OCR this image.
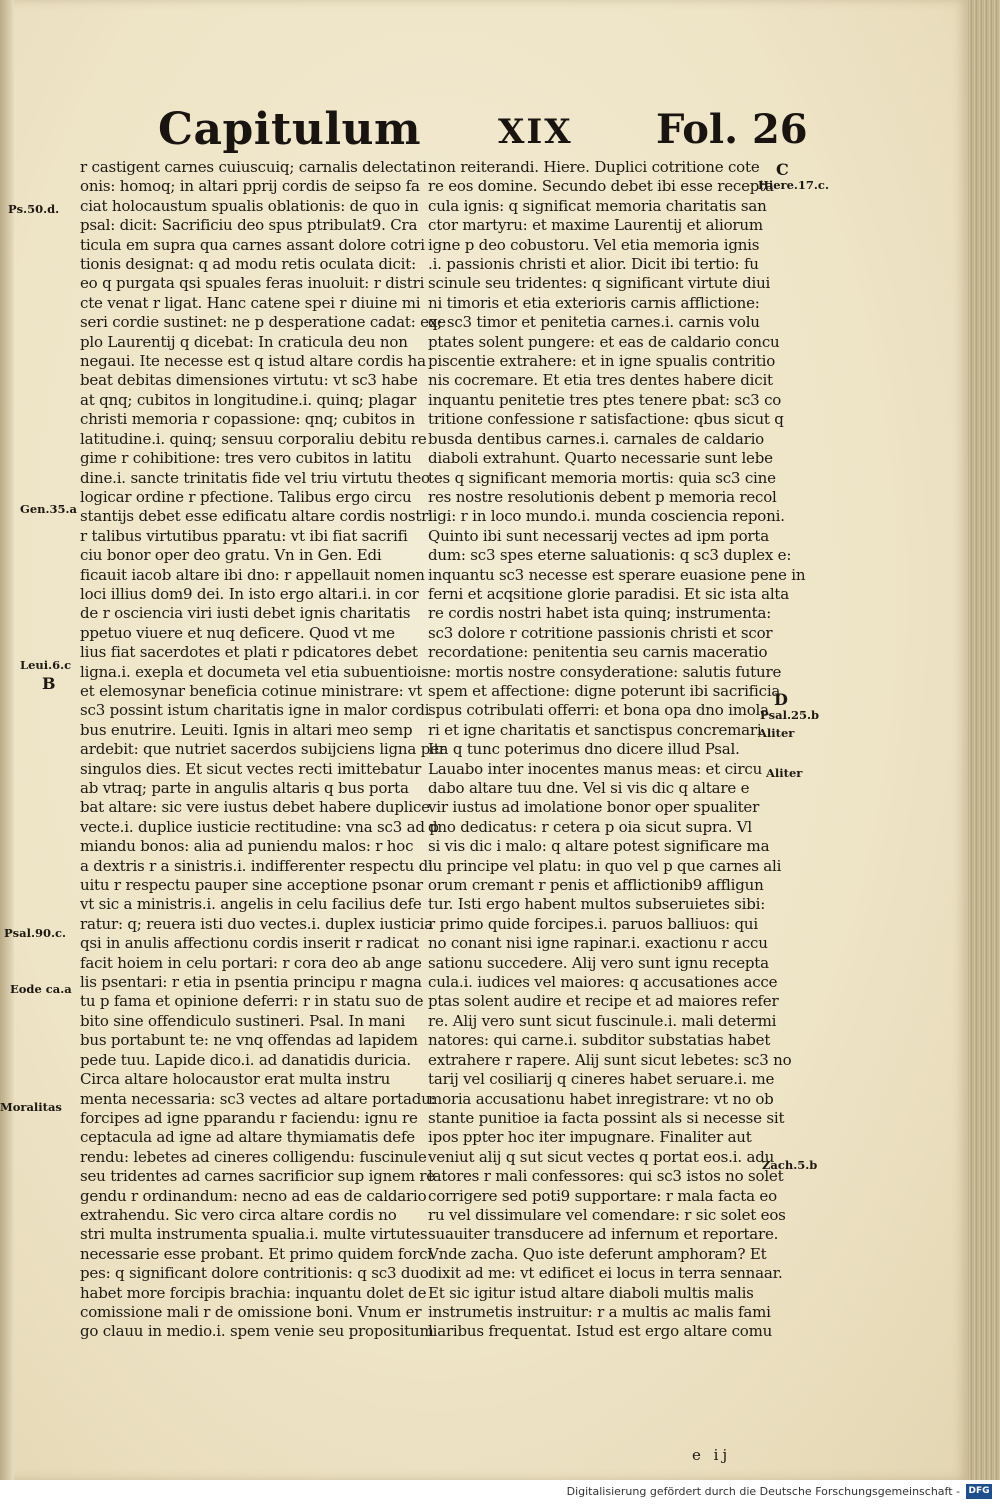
Capitulum XIX Fol. 26
r castigent carnes cuiuscuiq; carnalis delectati
onis: homoq; in altari pprij cordis de seipso fa
ciat holocaustum spualis oblationis: de quo in
psal: dicit: Sacrificiu deo spus ptribulat9. Cra
ticula em supra qua carnes assant dolore cotri
tionis designat: q ad modu retis oculata dicit:
eo q purgata qsi spuales feras inuoluit: r distri
cte venat r ligat. Hanc catene spei r diuine mi
seri cordie sustinet: ne p desperatione cadat: exe
plo Laurentij q dicebat: In craticula deu non
negaui. Ite necesse est q istud altare cordis ha
beat debitas dimensiones virtutu: vt sc3 habe
at qnq; cubitos in longitudine.i. quinq; plagar
christi memoria r copassione: qnq; cubitos in
latitudine.i. quinq; sensuu corporaliu debitu re
gime r cohibitione: tres vero cubitos in latitu
dine.i. sancte trinitatis fide vel triu virtutu theo
logicar ordine r pfectione. Talibus ergo circu
stantijs debet esse edificatu altare cordis nostri
r talibus virtutibus pparatu: vt ibi fiat sacrifi
ciu bonor oper deo gratu. Vn in Gen. Edi
ficauit iacob altare ibi dno: r appellauit nomen
loci illius dom9 dei. In isto ergo altari.i. in cor
de r osciencia viri iusti debet ignis charitatis
ppetuo viuere et nuq deficere. Quod vt me
lius fiat sacerdotes et plati r pdicatores debet
ligna.i. exepla et documeta vel etia subuentiois
et elemosynar beneficia cotinue ministrare: vt
sc3 possint istum charitatis igne in malor cordi
bus enutrire. Leuiti. Ignis in altari meo semp
ardebit: que nutriet sacerdos subijciens ligna per
singulos dies. Et sicut vectes recti imittebatur
ab vtraq; parte in angulis altaris q bus porta
bat altare: sic vere iustus debet habere duplice
vecte.i. duplice iusticie rectitudine: vna sc3 ad p
miandu bonos: alia ad puniendu malos: r hoc
a dextris r a sinistris.i. indifferenter respectu di
uitu r respectu pauper sine acceptione psonar
vt sic a ministris.i. angelis in celu facilius defe
ratur: q; reuera isti duo vectes.i. duplex iusticia
qsi in anulis affectionu cordis inserit r radicat
facit hoiem in celu portari: r cora deo ab ange
lis psentari: r etia in psentia principu r magna
tu p fama et opinione deferri: r in statu suo de
bito sine offendiculo sustineri. Psal. In mani
bus portabunt te: ne vnq offendas ad lapidem
pede tuu. Lapide dico.i. ad danatidis duricia.
Circa altare holocaustor erat multa instru
menta necessaria: sc3 vectes ad altare portadu:
forcipes ad igne pparandu r faciendu: ignu re
ceptacula ad igne ad altare thymiamatis defe
rendu: lebetes ad cineres colligendu: fuscinule
seu tridentes ad carnes sacrificior sup ignem re
gendu r ordinandum: necno ad eas de caldario
extrahendu. Sic vero circa altare cordis no
stri multa instrumenta spualia.i. multe virtutes
necessarie esse probant. Et primo quidem forci
pes: q significant dolore contritionis: q sc3 duo
habet more forcipis brachia: inquantu dolet de
comissione mali r de omissione boni. Vnum er
go clauu in medio.i. spem venie seu propositum
non reiterandi. Hiere. Duplici cotritione cote
re eos domine. Secundo debet ibi esse recepta
cula ignis: q significat memoria charitatis san
ctor martyru: et maxime Laurentij et aliorum
igne p deo cobustoru. Vel etia memoria ignis
.i. passionis christi et alior. Dicit ibi tertio: fu
scinule seu tridentes: q significant virtute diui
ni timoris et etia exterioris carnis afflictione:
q; sc3 timor et penitetia carnes.i. carnis volu
ptates solent pungere: et eas de caldario concu
piscentie extrahere: et in igne spualis contritio
nis cocremare. Et etia tres dentes habere dicit
inquantu penitetie tres ptes tenere pbat: sc3 co
tritione confessione r satisfactione: qbus sicut q
busda dentibus carnes.i. carnales de caldario
diaboli extrahunt. Quarto necessarie sunt lebe
tes q significant memoria mortis: quia sc3 cine
res nostre resolutionis debent p memoria recol
ligi: r in loco mundo.i. munda cosciencia reponi.
Quinto ibi sunt necessarij vectes ad ipm porta
dum: sc3 spes eterne saluationis: q sc3 duplex e:
inquantu sc3 necesse est sperare euasione pene in
ferni et acqsitione glorie paradisi. Et sic ista alta
re cordis nostri habet ista quinq; instrumenta:
sc3 dolore r cotritione passionis christi et scor
recordatione: penitentia seu carnis maceratio
ne: mortis nostre consyderatione: salutis future
spem et affectione: digne poterunt ibi sacrificia
spus cotribulati offerri: et bona opa dno imola
ri et igne charitatis et sanctispus concremari.
Ita q tunc poterimus dno dicere illud Psal.
Lauabo inter inocentes manus meas: et circu
dabo altare tuu dne. Vel si vis dic q altare e
vir iustus ad imolatione bonor oper spualiter
dno dedicatus: r cetera p oia sicut supra. Vl
si vis dic i malo: q altare potest significare ma
lu principe vel platu: in quo vel p que carnes ali
orum cremant r penis et afflictionib9 affligun
tur. Isti ergo habent multos subseruietes sibi:
r primo quide forcipes.i. paruos balliuos: qui
no conant nisi igne rapinar.i. exactionu r accu
sationu succedere. Alij vero sunt ignu recepta
cula.i. iudices vel maiores: q accusationes acce
ptas solent audire et recipe et ad maiores refer
re. Alij vero sunt sicut fuscinule.i. mali determi
natores: qui carne.i. subditor substatias habet
extrahere r rapere. Alij sunt sicut lebetes: sc3 no
tarij vel cosiliarij q cineres habet seruare.i. me
moria accusationu habet inregistrare: vt no ob
stante punitioe ia facta possint als si necesse sit
ipos ppter hoc iter impugnare. Finaliter aut
veniut alij q sut sicut vectes q portat eos.i. adu
latores r mali confessores: qui sc3 istos no solet
corrigere sed poti9 supportare: r mala facta eo
ru vel dissimulare vel comendare: r sic solet eos
suauiter transducere ad infernum et reportare.
Vnde zacha. Quo iste deferunt amphoram? Et
dixit ad me: vt edificet ei locus in terra sennaar.
Et sic igitur istud altare diaboli multis malis
instrumetis instruitur: r a multis ac malis fami
liaribus frequentat. Istud est ergo altare comu
Ps.50.d.
Gen.35.a
Leui.6.c
B
Psal.90.c.
Eode ca.a
Moralitas
C
Hiere.17.c.
D
Psal.25.b
Aliter
Aliter
Zach.5.b
e ij
Digitalisierung gefördert durch die Deutsche Forschungsgemeinschaft - DFG
